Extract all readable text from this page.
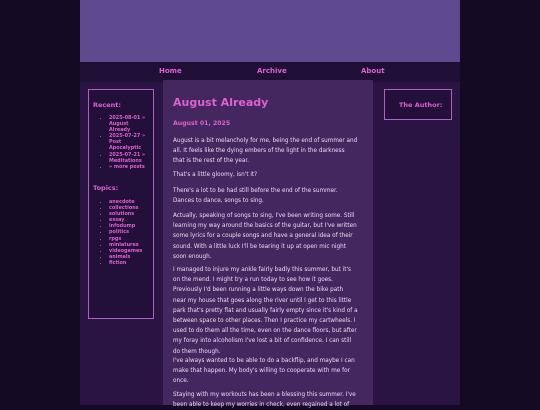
Home	Archive	About
Recent:
• 2025-08-01 »
August Already
• 2025-07-27 »
Post
Apocalyptic
• 2025-07-21 »
Meditations
• » more posts
Topics:
• anecdote
• collections
• solutions
• essay
• infodump
• politics
• rpgs
• miniatures
• videogames
• animals
• fiction
August Already
August 01, 2025

August is a bit melancholy for me, being the end of summer and
all. It feels like the dying embers of the light in the darkness
that is the rest of the year.

That's a little gloomy, isn't it?

There's a lot to be had still before the end of the summer.
Dances to dance, songs to sing.

Actually, speaking of songs to sing, I've been writing some. Still
learning my way around the basics of the guitar, but I've written
some lyrics for a couple songs and have a general idea of their
sound. With a little luck I'll be tearing it up at open mic night
soon enough.

I managed to injure my ankle fairly badly this summer, but it's
on the mend. I might try a run today to see how it goes.
Previously I'd been running a little ways down the bike path
near my house that goes along the river until I get to this little
park that's pretty flat and usually fairly empty since it's kind of a
between space to other places. Then I practice my cartwheels. I
used to do them all the time, even on the dance floors, but after
my foray into alcoholism I've lost a bit of confidence. I can still
do them though.

I've always wanted to be able to do a backflip, and maybe I can
make that happen. My body's willing to cooperate with me for
once.

Staying with my workouts has been a blessing this summer. I've
been able to keep my worries in check, even regained a lot of

The Author:
